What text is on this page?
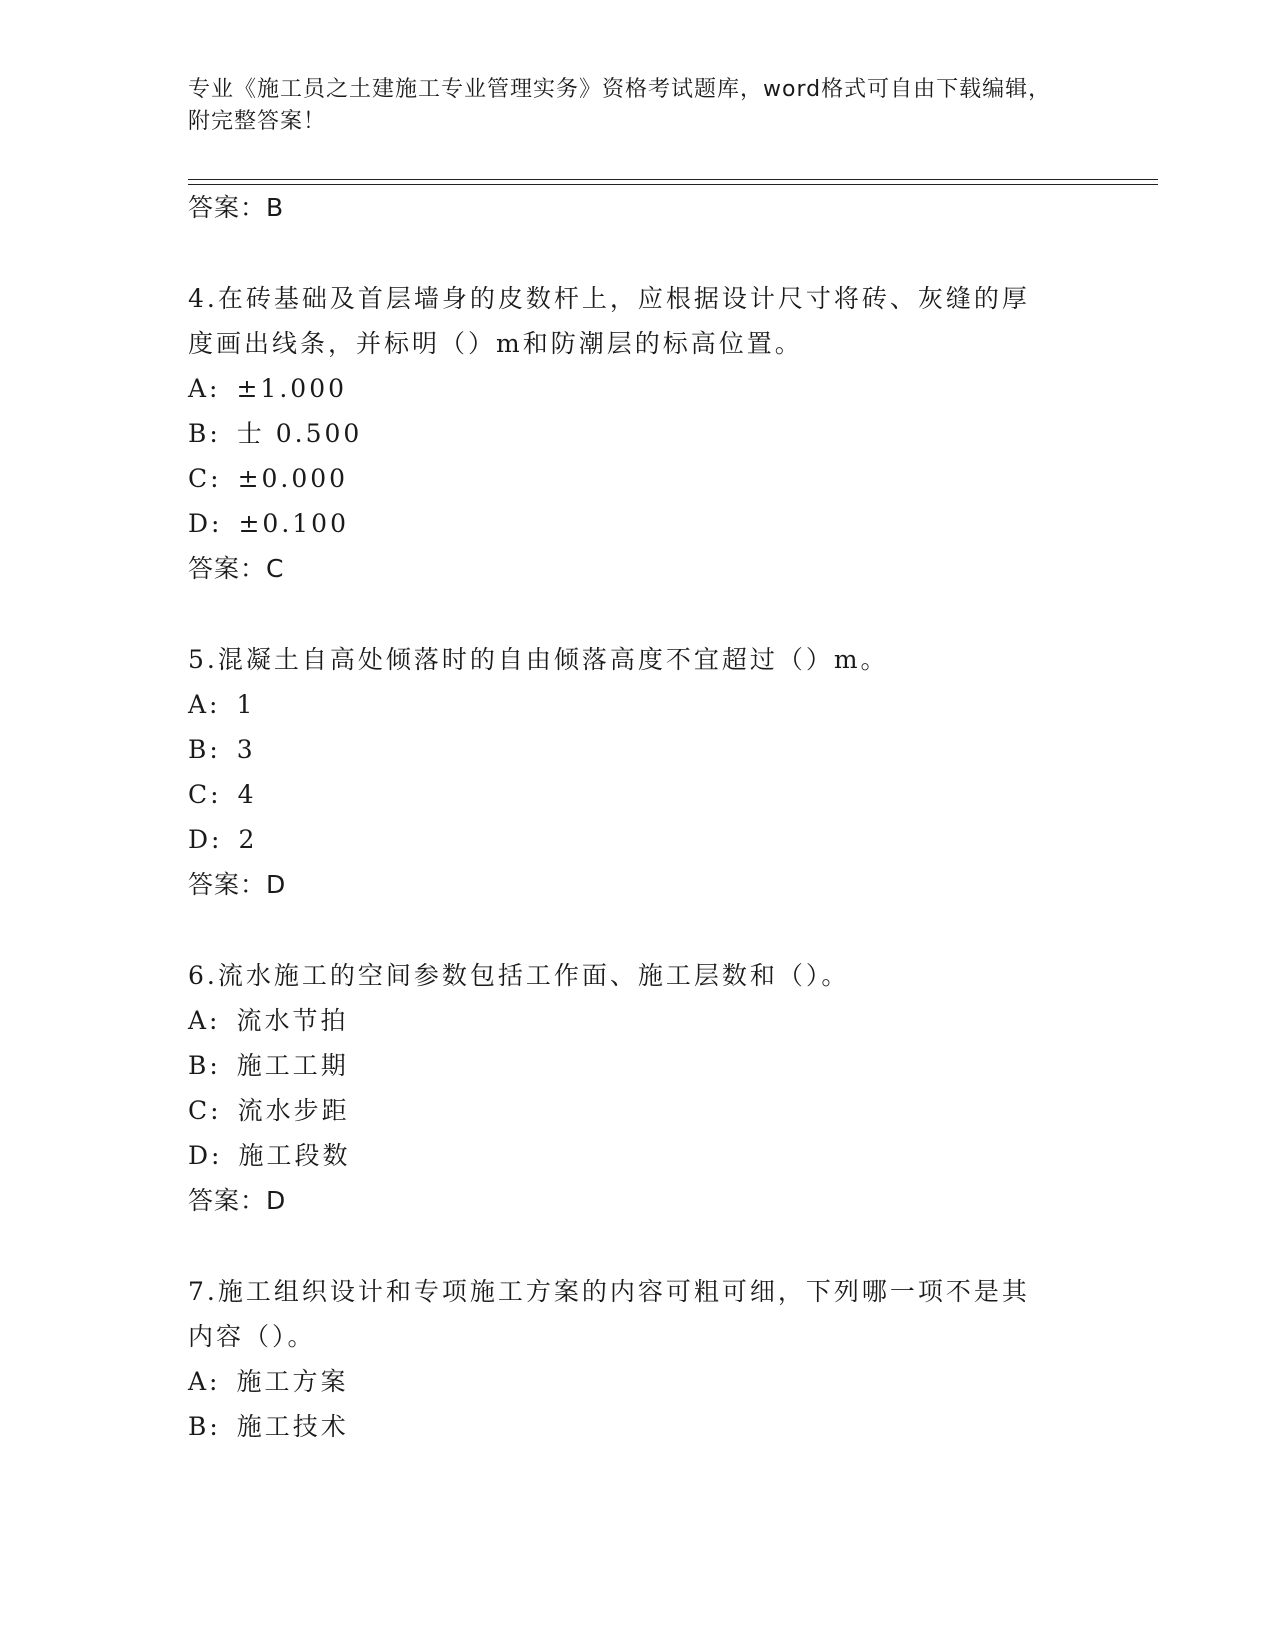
专业《施工员之土建施工专业管理实务》资格考试题库，word格式可自由下载编辑，附完整答案！
答案：B
4.在砖基础及首层墙身的皮数杆上，应根据设计尺寸将砖、灰缝的厚
度画出线条，并标明（）m和防潮层的标高位置。
A: ±1.000
B: 士 0.500
C: ±0.000
D: ±0.100
答案：C
5.混凝土自高处倾落时的自由倾落高度不宜超过（）m。
A: 1
B: 3
C: 4
D: 2
答案：D
6.流水施工的空间参数包括工作面、施工层数和（）。
A: 流水节拍
B: 施工工期
C: 流水步距
D: 施工段数
答案：D
7.施工组织设计和专项施工方案的内容可粗可细，下列哪一项不是其
内容（）。
A: 施工方案
B: 施工技术
